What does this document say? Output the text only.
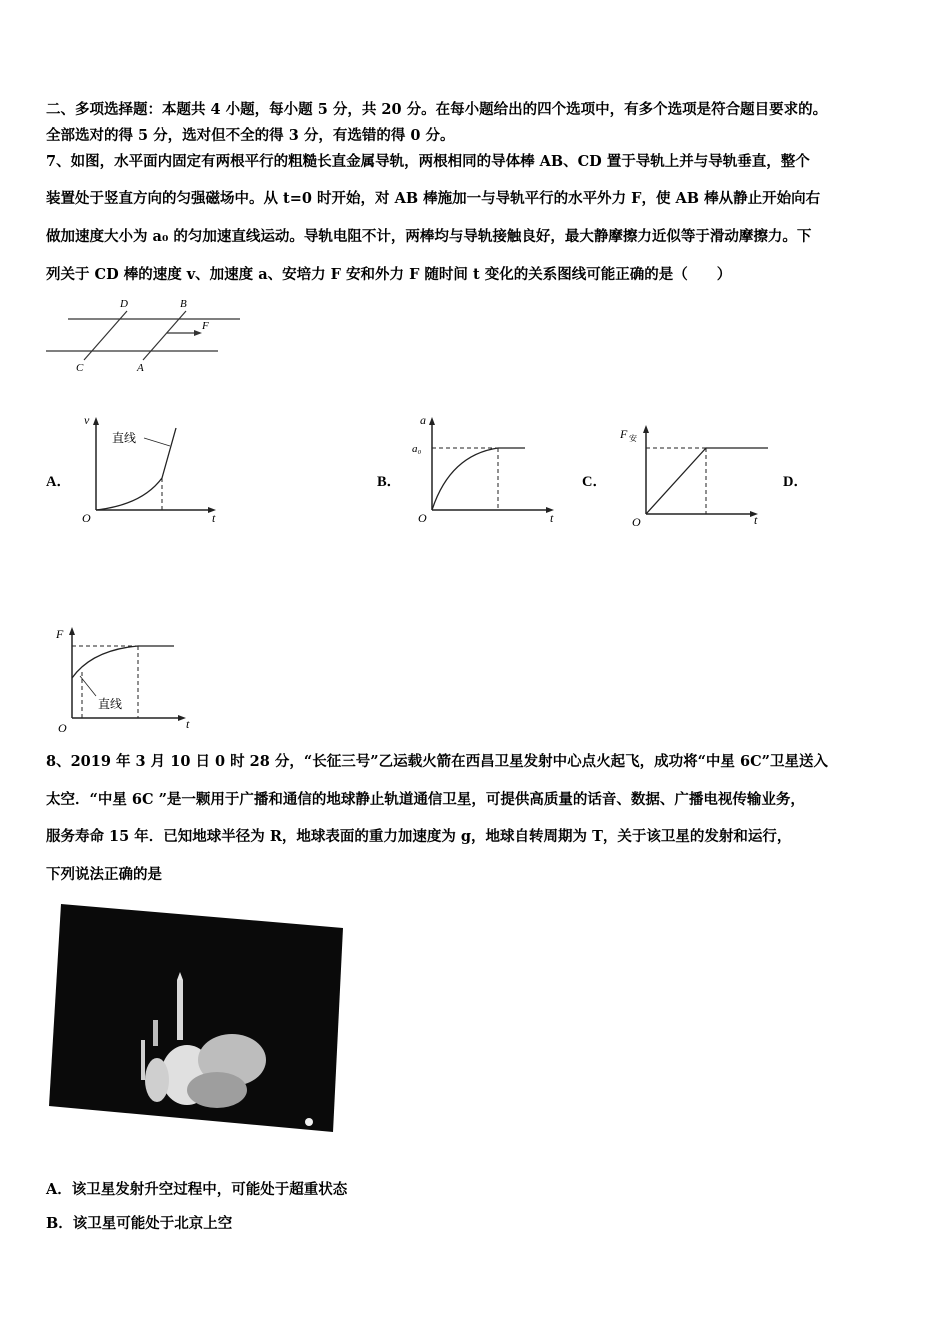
二、多项选择题：本题共 4 小题，每小题 5 分，共 20 分。在每小题给出的四个选项中，有多个选项是符合题目要求的。
全部选对的得 5 分，选对但不全的得 3 分，有选错的得 0 分。
7、如图，水平面内固定有两根平行的粗糙长直金属导轨，两根相同的导体棒 AB、CD 置于导轨上并与导轨垂直，整个
装置处于竖直方向的匀强磁场中。从 t=0 时开始，对 AB 棒施加一与导轨平行的水平外力 F，使 AB 棒从静止开始向右
做加速度大小为 a₀ 的匀加速直线运动。导轨电阻不计，两棒均与导轨接触良好，最大静摩擦力近似等于滑动摩擦力。下
列关于 CD 棒的速度 v、加速度 a、安培力 F 安和外力 F 随时间 t 变化的关系图线可能正确的是（　　）
D	B
C	A
F
A．	B．	C．	D．
v
t
O
直线
a
a₀
t
O
F 安
t
O
F
t
O
直线
8、2019 年 3 月 10 日 0 时 28 分，“长征三号”乙运载火箭在西昌卫星发射中心点火起飞，成功将“中星 6C”卫星送入
太空．“中星 6C ”是一颗用于广播和通信的地球静止轨道通信卫星，可提供高质量的话音、数据、广播电视传输业务，
服务寿命 15 年．已知地球半径为 R，地球表面的重力加速度为 g，地球自转周期为 T，关于该卫星的发射和运行，
下列说法正确的是
A．该卫星发射升空过程中，可能处于超重状态
B．该卫星可能处于北京上空
